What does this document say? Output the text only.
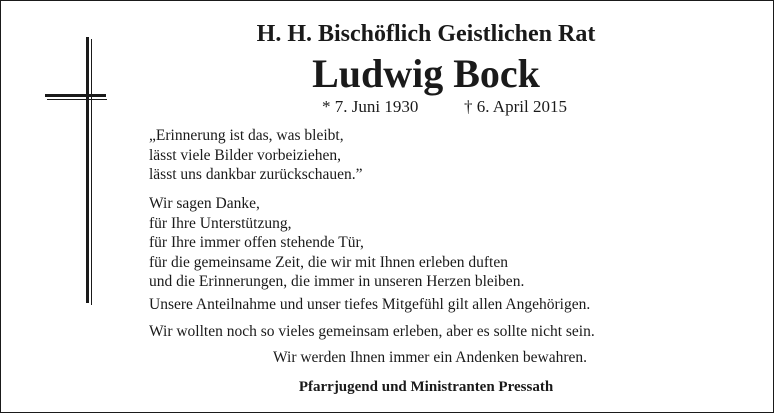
H. H. Bischöflich Geistlichen Rat
Ludwig Bock
* 7. Juni 1930	† 6. April 2015
„Erinnerung ist das, was bleibt,
lässt viele Bilder vorbeiziehen,
lässt uns dankbar zurückschauen.”
Wir sagen Danke,
für Ihre Unterstützung,
für Ihre immer offen stehende Tür,
für die gemeinsame Zeit, die wir mit Ihnen erleben duften
und die Erinnerungen, die immer in unseren Herzen bleiben.
Unsere Anteilnahme und unser tiefes Mitgefühl gilt allen Angehörigen.
Wir wollten noch so vieles gemeinsam erleben, aber es sollte nicht sein.
Wir werden Ihnen immer ein Andenken bewahren.
Pfarrjugend und Ministranten Pressath
